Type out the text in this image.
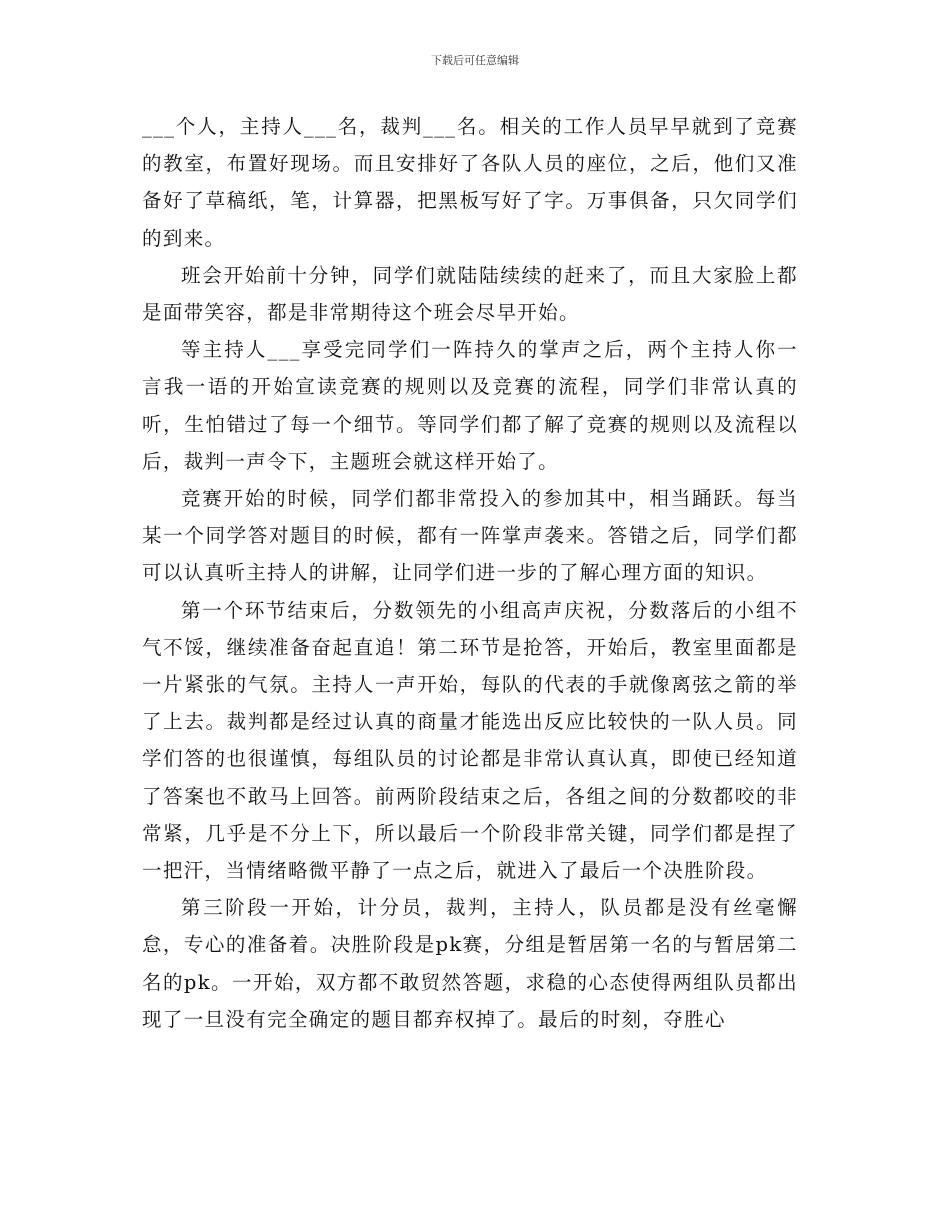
下载后可任意编辑

___个人，主持人___名，裁判___名。相关的工作人员早早就到了竞赛的教室，布置好现场。而且安排好了各队人员的座位，之后，他们又准备好了草稿纸，笔，计算器，把黑板写好了字。万事俱备，只欠同学们的到来。

班会开始前十分钟，同学们就陆陆续续的赶来了，而且大家脸上都是面带笑容，都是非常期待这个班会尽早开始。

等主持人___享受完同学们一阵持久的掌声之后，两个主持人你一言我一语的开始宣读竞赛的规则以及竞赛的流程，同学们非常认真的听，生怕错过了每一个细节。等同学们都了解了竞赛的规则以及流程以后，裁判一声令下，主题班会就这样开始了。

竞赛开始的时候，同学们都非常投入的参加其中，相当踊跃。每当某一个同学答对题目的时候，都有一阵掌声袭来。答错之后，同学们都可以认真听主持人的讲解，让同学们进一步的了解心理方面的知识。

第一个环节结束后，分数领先的小组高声庆祝，分数落后的小组不气不馁，继续准备奋起直追！第二环节是抢答，开始后，教室里面都是一片紧张的气氛。主持人一声开始，每队的代表的手就像离弦之箭的举了上去。裁判都是经过认真的商量才能选出反应比较快的一队人员。同学们答的也很谨慎，每组队员的讨论都是非常认真认真，即使已经知道了答案也不敢马上回答。前两阶段结束之后，各组之间的分数都咬的非常紧，几乎是不分上下，所以最后一个阶段非常关键，同学们都是捏了一把汗，当情绪略微平静了一点之后，就进入了最后一个决胜阶段。

第三阶段一开始，计分员，裁判，主持人，队员都是没有丝毫懈怠，专心的准备着。决胜阶段是pk赛，分组是暂居第一名的与暂居第二名的pk。一开始，双方都不敢贸然答题，求稳的心态使得两组队员都出现了一旦没有完全确定的题目都弃权掉了。最后的时刻，夺胜心
